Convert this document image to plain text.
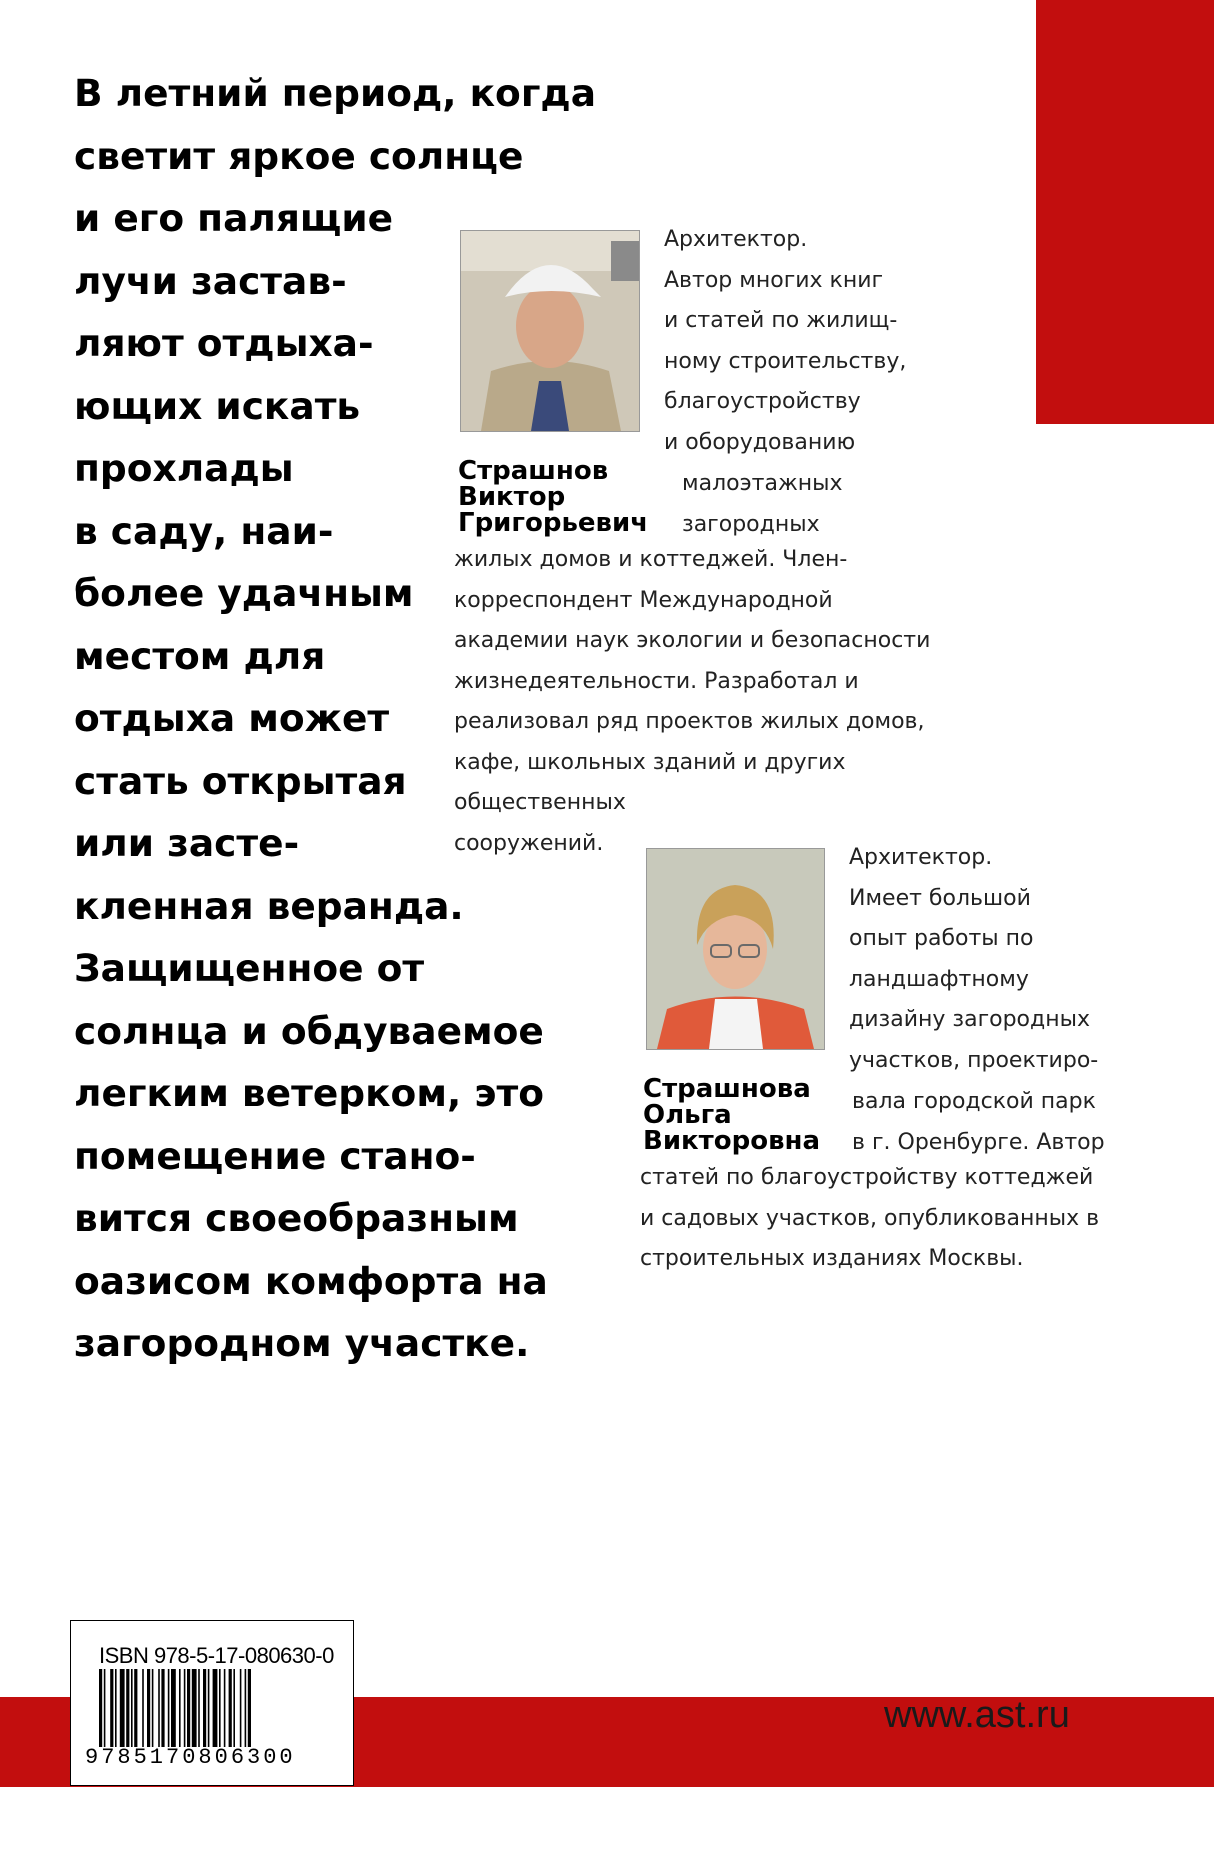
www.ast.ru
В летний период, когда
светит яркое солнце
и его палящие
лучи застав-
ляют отдыха-
ющих искать
прохлады
в саду, наи-
более удачным
местом для
отдыха может
стать открытая
или засте-
кленная веранда.
Защищенное от
солнца и обдуваемое
легким ветерком, это
помещение стано-
вится своеобразным
оазисом комфорта на
загородном участке.
Архитектор.
Автор многих книг
и статей по жилищ-
ному строительству,
благоустройству
и оборудованию
Страшнов
Виктор
Григорьевич
малоэтажных
загородных
жилых домов и коттеджей. Член-
корреспондент Международной
академии наук экологии и безопасности
жизнедеятельности. Разработал и
реализовал ряд проектов жилых домов,
кафе, школьных зданий и других
общественных
сооружений.
Архитектор.
Имеет большой
опыт работы по
ландшафтному
дизайну загородных
участков, проектиро-
Страшнова
Ольга
Викторовна
вала городской парк
в г. Оренбурге. Автор
статей по благоустройству коттеджей
и садовых участков, опубликованных в
строительных изданиях Москвы.
ISBN 978-5-17-080630-0
9785170806300
